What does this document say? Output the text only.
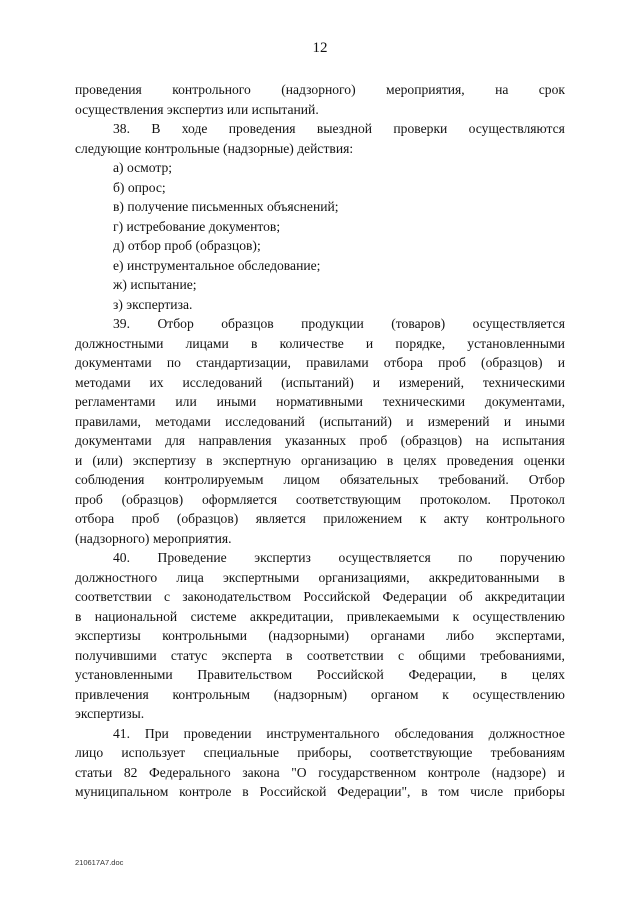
12
проведения контрольного (надзорного) мероприятия, на срок
осуществления экспертиз или испытаний.
38. В ходе проведения выездной проверки осуществляются
следующие контрольные (надзорные) действия:
а) осмотр;
б) опрос;
в) получение письменных объяснений;
г) истребование документов;
д) отбор проб (образцов);
е) инструментальное обследование;
ж) испытание;
з) экспертиза.
39. Отбор образцов продукции (товаров) осуществляется
должностными лицами в количестве и порядке, установленными
документами по стандартизации, правилами отбора проб (образцов) и
методами их исследований (испытаний) и измерений, техническими
регламентами или иными нормативными техническими документами,
правилами, методами исследований (испытаний) и измерений и иными
документами для направления указанных проб (образцов) на испытания
и (или) экспертизу в экспертную организацию в целях проведения оценки
соблюдения контролируемым лицом обязательных требований. Отбор
проб (образцов) оформляется соответствующим протоколом. Протокол
отбора проб (образцов) является приложением к акту контрольного
(надзорного) мероприятия.
40. Проведение экспертиз осуществляется по поручению
должностного лица экспертными организациями, аккредитованными в
соответствии с законодательством Российской Федерации об аккредитации
в национальной системе аккредитации, привлекаемыми к осуществлению
экспертизы контрольными (надзорными) органами либо экспертами,
получившими статус эксперта в соответствии с общими требованиями,
установленными Правительством Российской Федерации, в целях
привлечения контрольным (надзорным) органом к осуществлению
экспертизы.
41. При проведении инструментального обследования должностное
лицо использует специальные приборы, соответствующие требованиям
статьи 82 Федерального закона "О государственном контроле (надзоре) и
муниципальном контроле в Российской Федерации", в том числе приборы
210617A7.doc
